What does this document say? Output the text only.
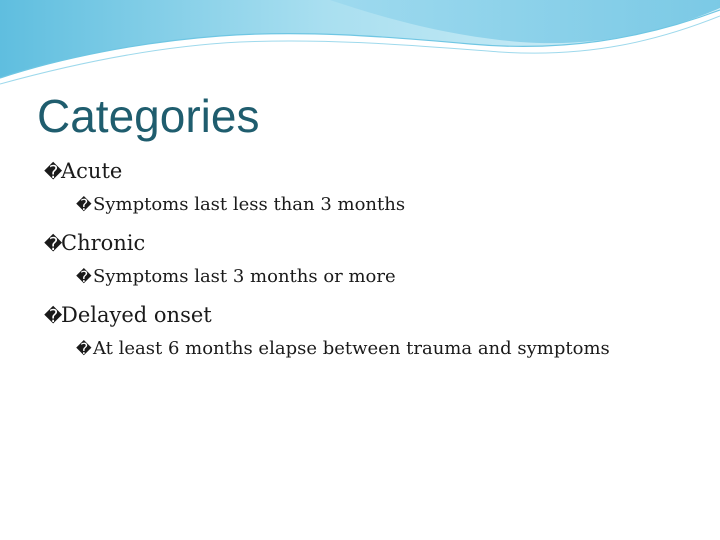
Categories
�Acute
�Symptoms last less than 3 months
�Chronic
�Symptoms last 3 months or more
�Delayed onset
�At least 6 months elapse between trauma and symptoms
